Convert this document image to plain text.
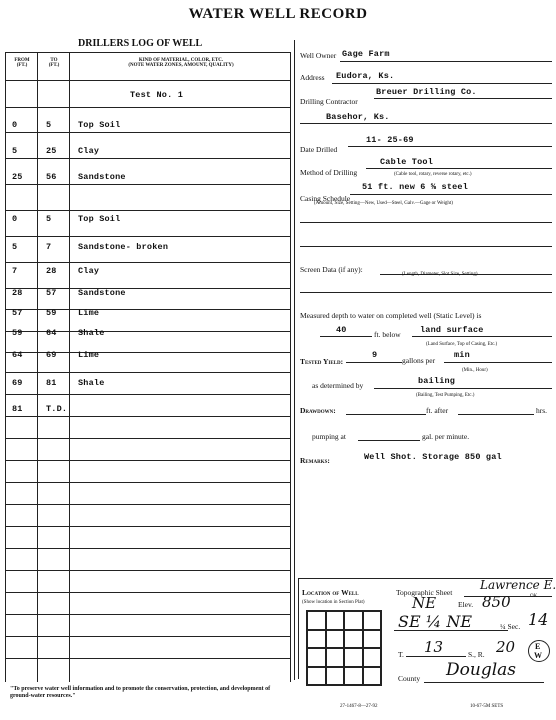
WATER WELL RECORD
DRILLERS LOG OF WELL
FROM
(FT.)
TO
(FT.)
KIND OF MATERIAL, COLOR, ETC.
(NOTE WATER ZONES, AMOUNT, QUALITY)
Test No. 1
0	5	Top Soil
5	25	Clay
25	56	Sandstone
0	5	Top Soil
5	7	Sandstone- broken
7	28	Clay
28	57	Sandstone
57	59	Lime
59	64	Shale
64	69	Lime
69	81	Shale
81	T.D.
"To preserve water well information and to promote the conservation, protection, and development of ground-water resources."
27-1467-8—27-92	10-67-5M SETS
Well Owner Gage Farm
Address Eudora, Ks.
Drilling Contractor
Breuer Drilling Co.
Basehor, Ks.
Date Drilled
11- 25-69
Method of Drilling
Cable Tool
(Cable tool, rotary, reverse rotary, etc.)
51 ft. new 6 ⅝ steel
Casing Schedule
(Amount, Size, Setting—New, Used—Steel, Galv.—Gage or Weight)
Screen Data (if any):
(Length, Diameter, Slot Size, Setting)
Measured depth to water on completed well (Static Level) is
40	ft. below land surface
(Land Surface, Top of Casing, Etc.)
Tested Yield:
9
gallons per
min
(Min., Hour)
as determined by	bailing
(Bailing, Test Pumping, Etc.)
Drawdown:	ft. after	hrs.
pumping at	gal. per minute.
Remarks:	Well Shot. Storage 850 gal
Location of Well	Topographic Sheet
Lawrence E.
(Show location in Section Plat)	NE	Elev. 850	OK
SE ¼ NE	¼ Sec. 14
T. 13	S., R. 20 E
W
County Douglas
